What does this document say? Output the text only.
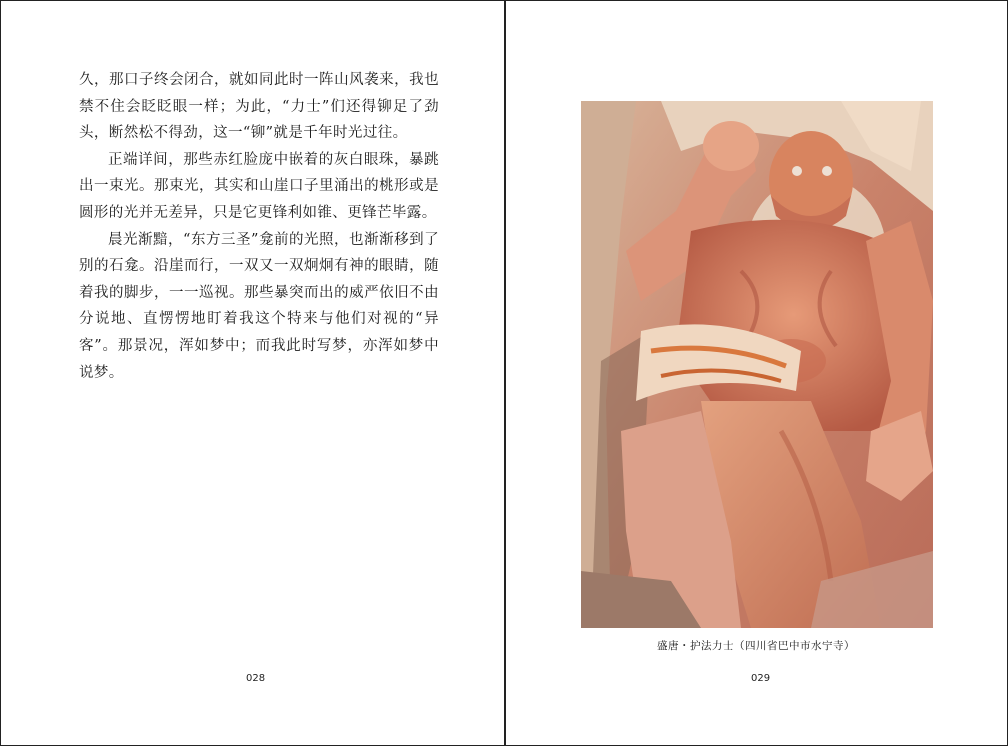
久，那口子终会闭合，就如同此时一阵山风袭来，我也禁不住会眨眨眼一样；为此，“力士”们还得铆足了劲头，断然松不得劲，这一“铆”就是千年时光过往。

正端详间，那些赤红脸庞中嵌着的灰白眼珠，暴跳出一束光。那束光，其实和山崖口子里涌出的桃形或是圆形的光并无差异，只是它更锋利如锥、更锋芒毕露。

晨光渐黯，“东方三圣”龛前的光照，也渐渐移到了别的石龛。沿崖而行，一双又一双炯炯有神的眼睛，随着我的脚步，一一巡视。那些暴突而出的威严依旧不由分说地、直愣愣地盯着我这个特来与他们对视的“异客”。那景况，浑如梦中；而我此时写梦，亦浑如梦中说梦。

028
盛唐・护法力士（四川省巴中市水宁寺）
029
